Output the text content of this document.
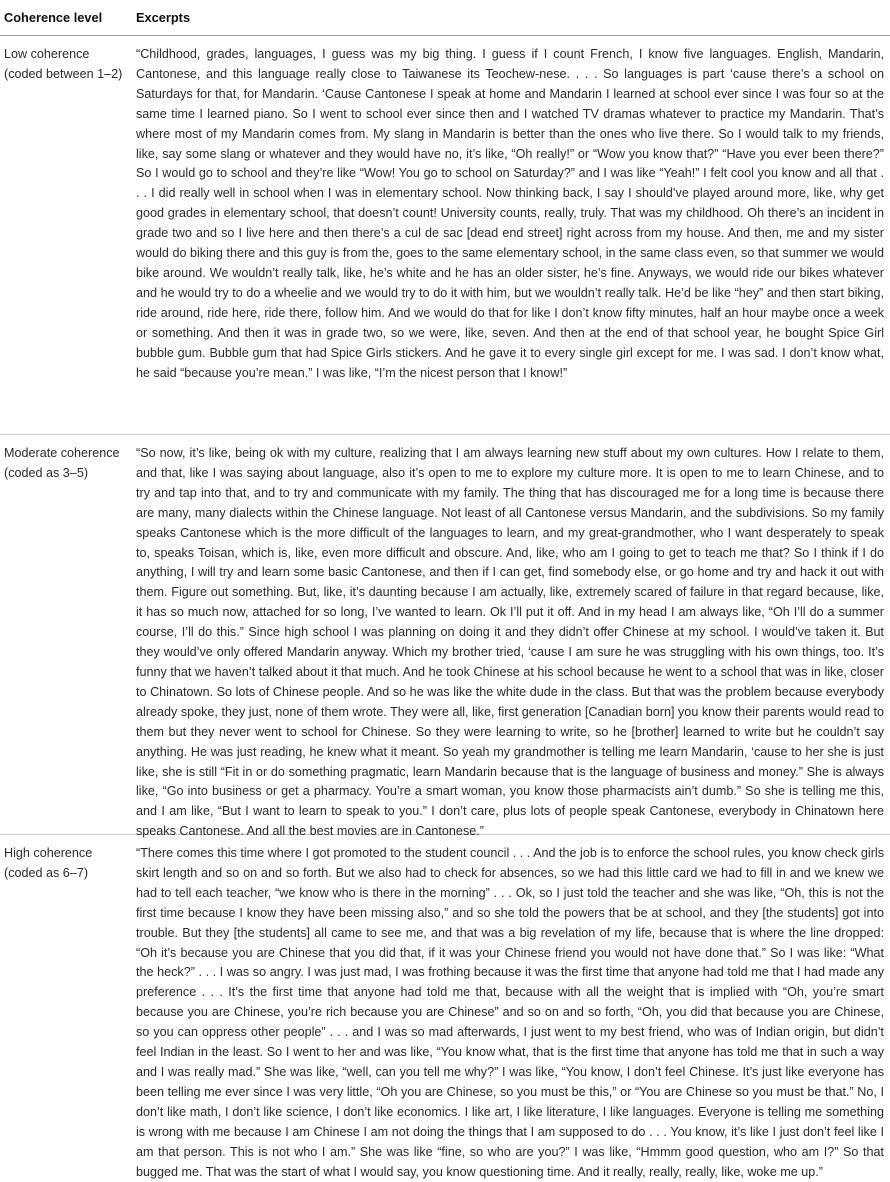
Coherence level	Excerpts
Low coherence
(coded between 1–2)
“Childhood, grades, languages, I guess was my big thing. I guess if I count French, I know five languages. English, Mandarin, Cantonese, and this language really close to Taiwanese its Teochew-nese. . . . So languages is part ‘cause there’s a school on Saturdays for that, for Mandarin. ‘Cause Cantonese I speak at home and Mandarin I learned at school ever since I was four so at the same time I learned piano. So I went to school ever since then and I watched TV dramas whatever to practice my Mandarin. That’s where most of my Mandarin comes from. My slang in Mandarin is better than the ones who live there. So I would talk to my friends, like, say some slang or whatever and they would have no, it’s like, “Oh really!” or “Wow you know that?” “Have you ever been there?” So I would go to school and they’re like “Wow! You go to school on Saturday?” and I was like “Yeah!” I felt cool you know and all that . . . I did really well in school when I was in elementary school. Now thinking back, I say I should’ve played around more, like, why get good grades in elementary school, that doesn’t count! University counts, really, truly. That was my childhood. Oh there’s an incident in grade two and so I live here and then there’s a cul de sac [dead end street] right across from my house. And then, me and my sister would do biking there and this guy is from the, goes to the same elementary school, in the same class even, so that summer we would bike around. We wouldn’t really talk, like, he’s white and he has an older sister, he’s fine. Anyways, we would ride our bikes whatever and he would try to do a wheelie and we would try to do it with him, but we wouldn’t really talk. He’d be like “hey” and then start biking, ride around, ride here, ride there, follow him. And we would do that for like I don’t know fifty minutes, half an hour maybe once a week or something. And then it was in grade two, so we were, like, seven. And then at the end of that school year, he bought Spice Girl bubble gum. Bubble gum that had Spice Girls stickers. And he gave it to every single girl except for me. I was sad. I don’t know what, he said “because you’re mean.” I was like, “I’m the nicest person that I know!”
Moderate coherence
(coded as 3–5)
“So now, it’s like, being ok with my culture, realizing that I am always learning new stuff about my own cultures. How I relate to them, and that, like I was saying about language, also it’s open to me to explore my culture more. It is open to me to learn Chinese, and to try and tap into that, and to try and communicate with my family. The thing that has discouraged me for a long time is because there are many, many dialects within the Chinese language. Not least of all Cantonese versus Mandarin, and the subdivisions. So my family speaks Cantonese which is the more difficult of the languages to learn, and my great-grandmother, who I want desperately to speak to, speaks Toisan, which is, like, even more difficult and obscure. And, like, who am I going to get to teach me that? So I think if I do anything, I will try and learn some basic Cantonese, and then if I can get, find somebody else, or go home and try and hack it out with them. Figure out something. But, like, it’s daunting because I am actually, like, extremely scared of failure in that regard because, like, it has so much now, attached for so long, I’ve wanted to learn. Ok I’ll put it off. And in my head I am always like, “Oh I’ll do a summer course, I’ll do this.” Since high school I was planning on doing it and they didn’t offer Chinese at my school. I would’ve taken it. But they would’ve only offered Mandarin anyway. Which my brother tried, ‘cause I am sure he was struggling with his own things, too. It’s funny that we haven’t talked about it that much. And he took Chinese at his school because he went to a school that was in like, closer to Chinatown. So lots of Chinese people. And so he was like the white dude in the class. But that was the problem because everybody already spoke, they just, none of them wrote. They were all, like, first generation [Canadian born] you know their parents would read to them but they never went to school for Chinese. So they were learning to write, so he [brother] learned to write but he couldn’t say anything. He was just reading, he knew what it meant. So yeah my grandmother is telling me learn Mandarin, ‘cause to her she is just like, she is still “Fit in or do something pragmatic, learn Mandarin because that is the language of business and money.” She is always like, “Go into business or get a pharmacy. You’re a smart woman, you know those pharmacists ain’t dumb.” So she is telling me this, and I am like, “But I want to learn to speak to you.” I don’t care, plus lots of people speak Cantonese, everybody in Chinatown here speaks Cantonese. And all the best movies are in Cantonese.”
High coherence
(coded as 6–7)
“There comes this time where I got promoted to the student council . . . And the job is to enforce the school rules, you know check girls skirt length and so on and so forth. But we also had to check for absences, so we had this little card we had to fill in and we knew we had to tell each teacher, “we know who is there in the morning” . . . Ok, so I just told the teacher and she was like, “Oh, this is not the first time because I know they have been missing also,” and so she told the powers that be at school, and they [the students] got into trouble. But they [the students] all came to see me, and that was a big revelation of my life, because that is where the line dropped: “Oh it’s because you are Chinese that you did that, if it was your Chinese friend you would not have done that.” So I was like: “What the heck?” . . . I was so angry. I was just mad, I was frothing because it was the first time that anyone had told me that I had made any preference . . . It’s the first time that anyone had told me that, because with all the weight that is implied with “Oh, you’re smart because you are Chinese, you’re rich because you are Chinese” and so on and so forth, “Oh, you did that because you are Chinese, so you can oppress other people” . . . and I was so mad afterwards, I just went to my best friend, who was of Indian origin, but didn’t feel Indian in the least. So I went to her and was like, “You know what, that is the first time that anyone has told me that in such a way and I was really mad.” She was like, “well, can you tell me why?” I was like, “You know, I don’t feel Chinese. It’s just like everyone has been telling me ever since I was very little, “Oh you are Chinese, so you must be this,” or “You are Chinese so you must be that.” No, I don’t like math, I don’t like science, I don’t like economics. I like art, I like literature, I like languages. Everyone is telling me something is wrong with me because I am Chinese I am not doing the things that I am supposed to do . . . You know, it’s like I just don’t feel like I am that person. This is not who I am.” She was like “fine, so who are you?” I was like, “Hmmm good question, who am I?” So that bugged me. That was the start of what I would say, you know questioning time. And it really, really, really, like, woke me up.”
